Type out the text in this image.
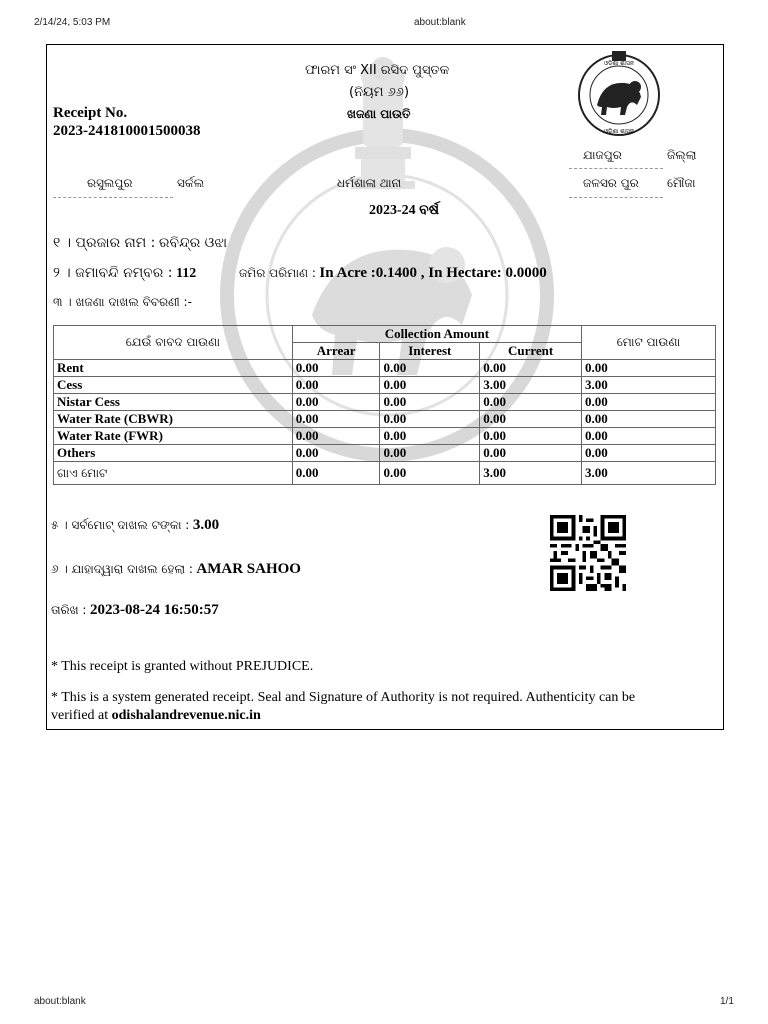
2/14/24, 5:03 PM	about:blank
ଓଡ଼ିଶା ଶାସନ
ଓଡ଼ିଶା ଶାସନ
ଫାରମ ସଂ XII ରସିଦ ପୁସ୍ତକ
(ନିୟମ ୬୬)
ଖଜଣା ପାଉତି
Receipt No.
2023-241810001500038
ଯାଜପୁର	ଜିଲ୍ଲା
ରସୁଲପୁର	ସର୍କଲ	ଧର୍ମଶାଳା ଥାନା	ଜଳସର ପୁର ମୌଜା
2023-24 ବର୍ଷ
୧ । ପ୍ରଜାର ନାମ : ରବିନ୍ଦ୍ର ଓଝା
୨ । ଜମାବନ୍ଦି ନମ୍ବର : 112	ଜମିର ପରିମାଣ : In Acre :0.1400 , In Hectare: 0.0000
୩ । ଖଜଣା ଦାଖଲ ବିବରଣୀ :-
ଯେଉଁ ବାବଦ ପାଉଣା	Collection Amount			ମୋଟ ପାଉଣା
	Arrear	Interest	Current	
Rent	0.00	0.00	0.00	0.00
Cess	0.00	0.00	3.00	3.00
Nistar Cess	0.00	0.00	0.00	0.00
Water Rate (CBWR)	0.00	0.00	0.00	0.00
Water Rate (FWR)	0.00	0.00	0.00	0.00
Others	0.00	0.00	0.00	0.00
ଗାଏ ମୋଟ	0.00	0.00	3.00	3.00
୫ । ସର୍ବମୋଟ୍ ଦାଖଲ ଟଙ୍କା : 3.00
୬ । ଯାହାଦ୍ୱାରା ଦାଖଲ ହେଲା : AMAR SAHOO
ତାରିଖ : 2023-08-24 16:50:57
* This receipt is granted without PREJUDICE.
* This is a system generated receipt. Seal and Signature of Authority is not required. Authenticity can be
verified at odishalandrevenue.nic.in
about:blank	1/1
